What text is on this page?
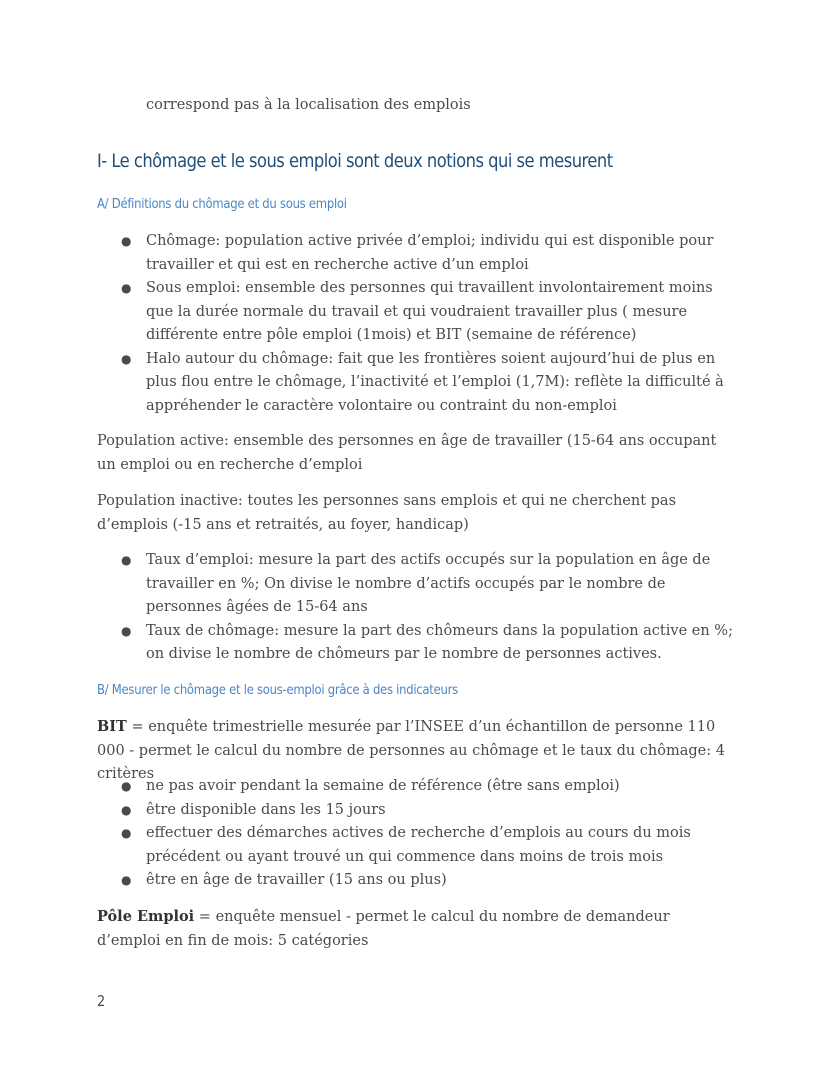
correspond pas à la localisation des emplois

I- Le chômage et le sous emploi sont deux notions qui se mesurent
A/ Définitions du chômage et du sous emploi
● Chômage: population active privée d’emploi; individu qui est disponible pour travailler et qui est en recherche active d’un emploi
● Sous emploi: ensemble des personnes qui travaillent involontairement moins que la durée normale du travail et qui voudraient travailler plus ( mesure différente entre pôle emploi (1mois) et BIT (semaine de référence)
● Halo autour du chômage: fait que les frontières soient aujourd’hui de plus en plus flou entre le chômage, l’inactivité et l’emploi (1,7M): reflète la difficulté à appréhender le caractère volontaire ou contraint du non-emploi

Population active: ensemble des personnes en âge de travailler (15-64 ans occupant un emploi ou en recherche d’emploi

Population inactive: toutes les personnes sans emplois et qui ne cherchent pas d’emplois (-15 ans et retraités, au foyer, handicap)

● Taux d’emploi: mesure la part des actifs occupés sur la population en âge de travailler en %; On divise le nombre d’actifs occupés par le nombre de personnes âgées de 15-64 ans
● Taux de chômage: mesure la part des chômeurs dans la population active en %; on divise le nombre de chômeurs par le nombre de personnes actives.
B/ Mesurer le chômage et le sous-emploi grâce à des indicateurs

BIT = enquête trimestrielle mesurée par l’INSEE d’un échantillon de personne 110 000 - permet le calcul du nombre de personnes au chômage et le taux du chômage: 4 critères

● ne pas avoir pendant la semaine de référence (être sans emploi)
● être disponible dans les 15 jours
● effectuer des démarches actives de recherche d’emplois au cours du mois précédent ou ayant trouvé un qui commence dans moins de trois mois
● être en âge de travailler (15 ans ou plus)

Pôle Emploi = enquête mensuel - permet le calcul du nombre de demandeur d’emploi en fin de mois: 5 catégories

2
